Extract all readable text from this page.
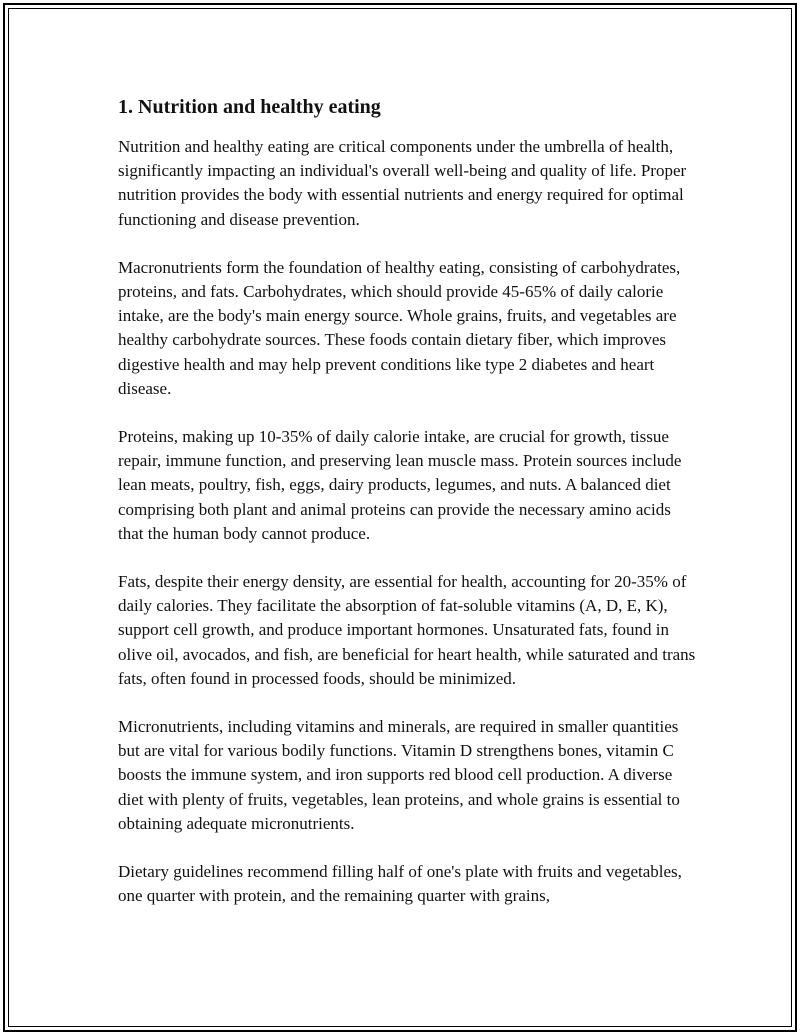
1. Nutrition and healthy eating

Nutrition and healthy eating are critical components under the umbrella of health, significantly impacting an individual's overall well-being and quality of life. Proper nutrition provides the body with essential nutrients and energy required for optimal functioning and disease prevention.

Macronutrients form the foundation of healthy eating, consisting of carbohydrates, proteins, and fats. Carbohydrates, which should provide 45-65% of daily calorie intake, are the body's main energy source. Whole grains, fruits, and vegetables are healthy carbohydrate sources. These foods contain dietary fiber, which improves digestive health and may help prevent conditions like type 2 diabetes and heart disease.

Proteins, making up 10-35% of daily calorie intake, are crucial for growth, tissue repair, immune function, and preserving lean muscle mass. Protein sources include lean meats, poultry, fish, eggs, dairy products, legumes, and nuts. A balanced diet comprising both plant and animal proteins can provide the necessary amino acids that the human body cannot produce.

Fats, despite their energy density, are essential for health, accounting for 20-35% of daily calories. They facilitate the absorption of fat-soluble vitamins (A, D, E, K), support cell growth, and produce important hormones. Unsaturated fats, found in olive oil, avocados, and fish, are beneficial for heart health, while saturated and trans fats, often found in processed foods, should be minimized.

Micronutrients, including vitamins and minerals, are required in smaller quantities but are vital for various bodily functions. Vitamin D strengthens bones, vitamin C boosts the immune system, and iron supports red blood cell production. A diverse diet with plenty of fruits, vegetables, lean proteins, and whole grains is essential to obtaining adequate micronutrients.

Dietary guidelines recommend filling half of one's plate with fruits and vegetables, one quarter with protein, and the remaining quarter with grains,
